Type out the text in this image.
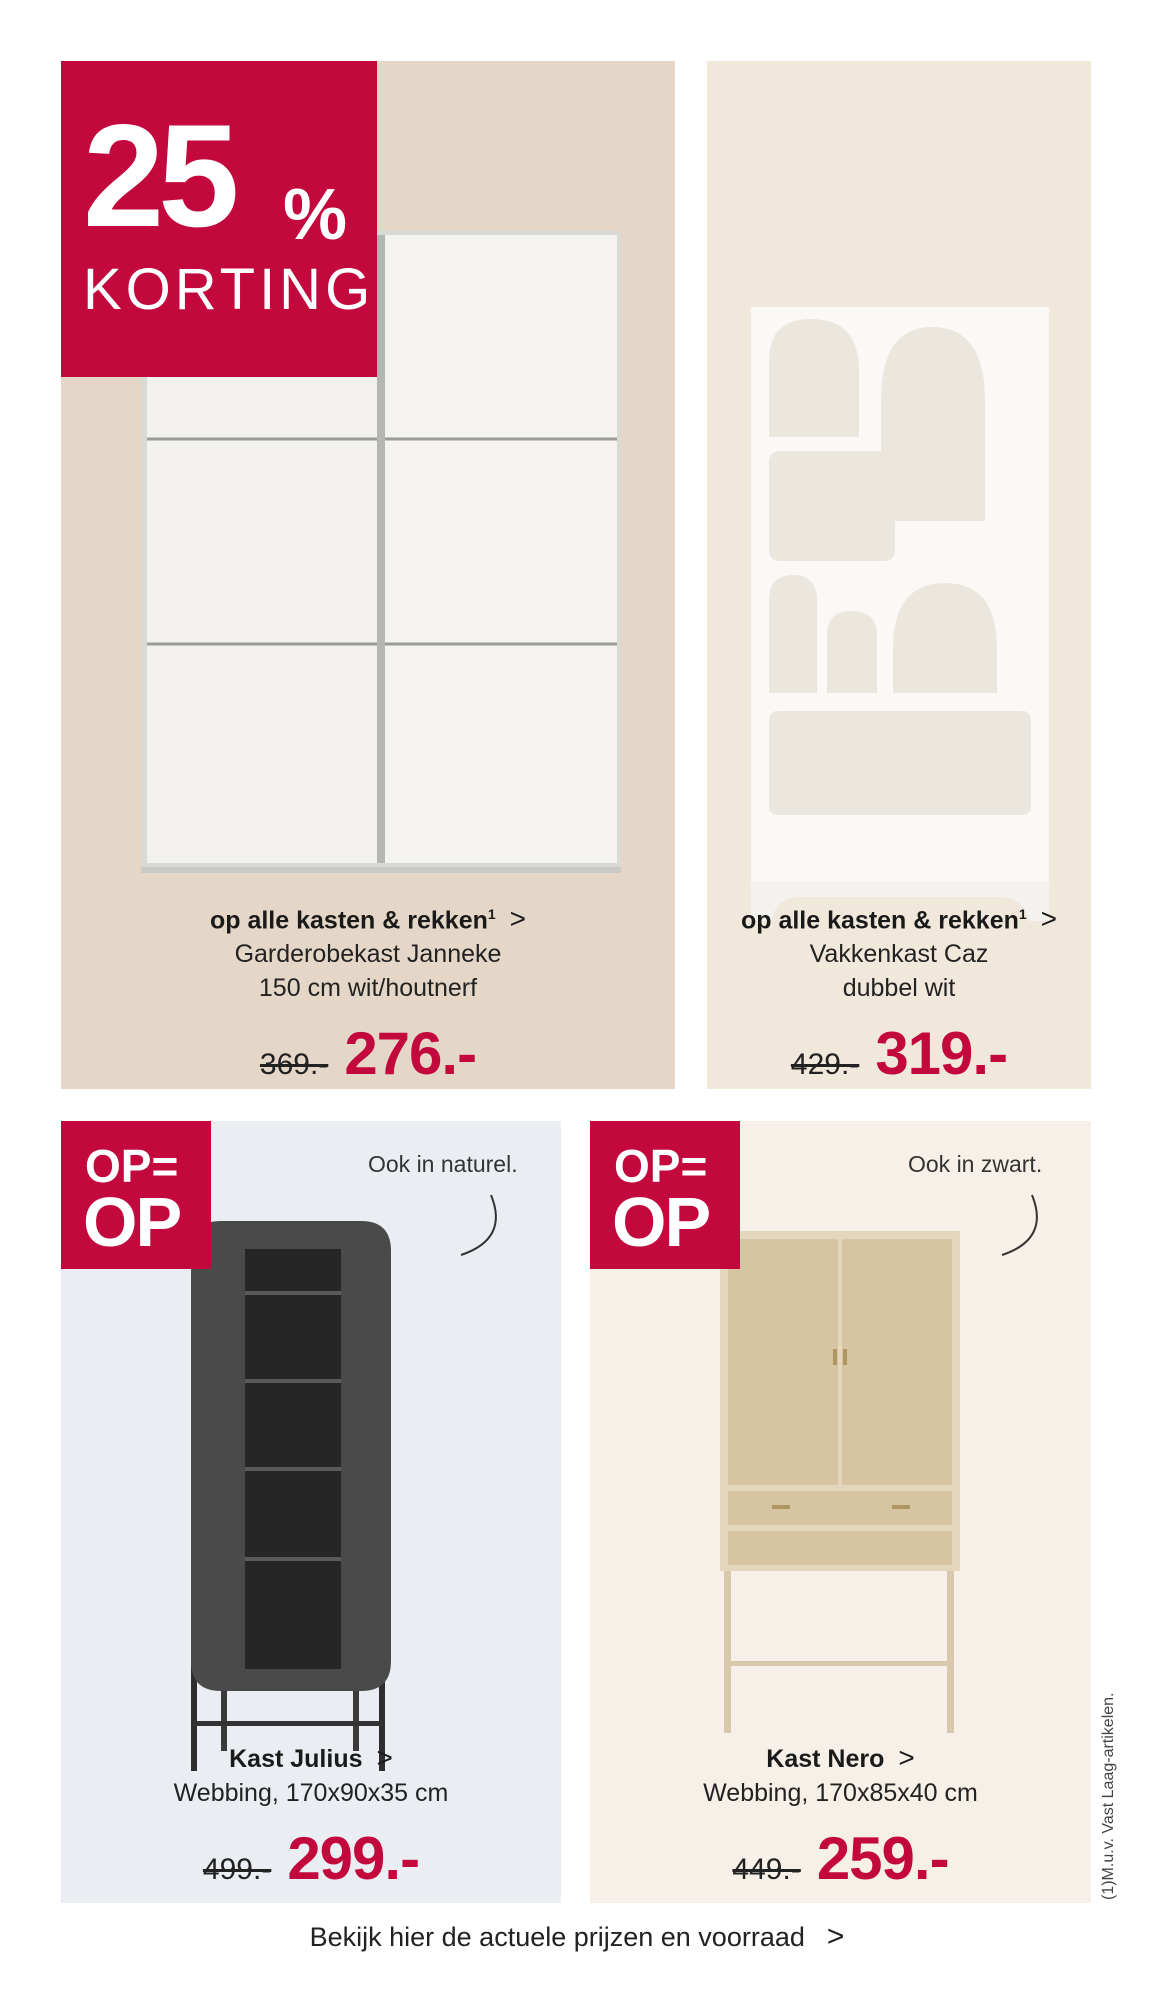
25 %
KORTING
op alle kasten & rekken$^1$ >
Garderobekast Janneke
150 cm wit/houtnerf
369.- 276.-
op alle kasten & rekken$^1$ >
Vakkenkast Caz
dubbel wit
429.- 319.-
OP=
OP
Ook in naturel.
Kast Julius >
Webbing, 170x90x35 cm
499.- 299.-
OP=
OP
Ook in zwart.
Kast Nero >
Webbing, 170x85x40 cm
449.- 259.-	(1)M.u.v. Vast Laag-artikelen.
Bekijk hier de actuele prijzen en voorraad >
